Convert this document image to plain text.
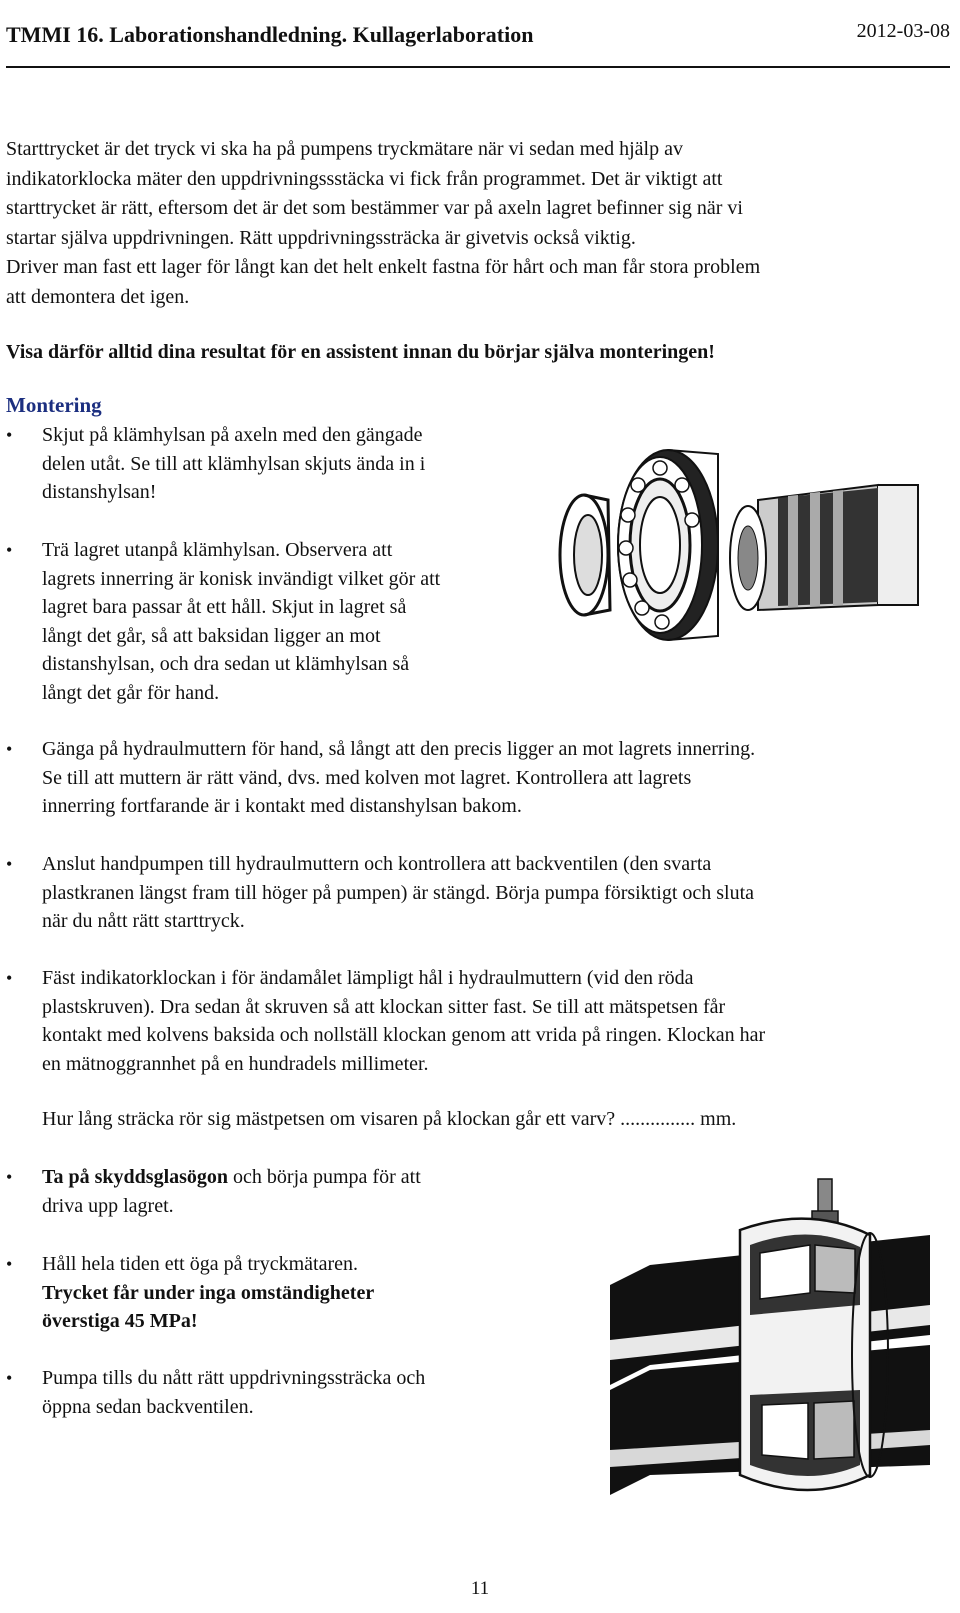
TMMI 16. Laborationshandledning. Kullagerlaboration	2012-03-08
Starttrycket är det tryck vi ska ha på pumpens tryckmätare när vi sedan med hjälp av
indikatorklocka mäter den uppdrivningssstäcka vi fick från programmet. Det är viktigt att
starttrycket är rätt, eftersom det är det som bestämmer var på axeln lagret befinner sig när vi
startar själva uppdrivningen. Rätt uppdrivningssträcka är givetvis också viktig.
Driver man fast ett lager för långt kan det helt enkelt fastna för hårt och man får stora problem
att demontera det igen.
Visa därför alltid dina resultat för en assistent innan du börjar själva monteringen!
Montering
•	Skjut på klämhylsan på axeln med den gängade
delen utåt. Se till att klämhylsan skjuts ända in i
distanshylsan!
•	Trä lagret utanpå klämhylsan. Observera att
lagrets innerring är konisk invändigt vilket gör att
lagret bara passar åt ett håll. Skjut in lagret så
långt det går, så att baksidan ligger an mot
distanshylsan, och dra sedan ut klämhylsan så
långt det går för hand.
•	Gänga på hydraulmuttern för hand, så långt att den precis ligger an mot lagrets innerring.
Se till att muttern är rätt vänd, dvs. med kolven mot lagret. Kontrollera att lagrets
innerring fortfarande är i kontakt med distanshylsan bakom.
•	Anslut handpumpen till hydraulmuttern och kontrollera att backventilen (den svarta
plastkranen längst fram till höger på pumpen) är stängd. Börja pumpa försiktigt och sluta
när du nått rätt starttryck.
•	Fäst indikatorklockan i för ändamålet lämpligt hål i hydraulmuttern (vid den röda
plastskruven). Dra sedan åt skruven så att klockan sitter fast. Se till att mätspetsen får
kontakt med kolvens baksida och nollställ klockan genom att vrida på ringen. Klockan har
en mätnoggrannhet på en hundradels millimeter.
Hur lång sträcka rör sig mästpetsen om visaren på klockan går ett varv? ............... mm.
•	Ta på skyddsglasögon och börja pumpa för att
driva upp lagret.
•	Håll hela tiden ett öga på tryckmätaren.
Trycket får under inga omständigheter
överstiga 45 MPa!
•	Pumpa tills du nått rätt uppdrivningssträcka och
öppna sedan backventilen.
11
